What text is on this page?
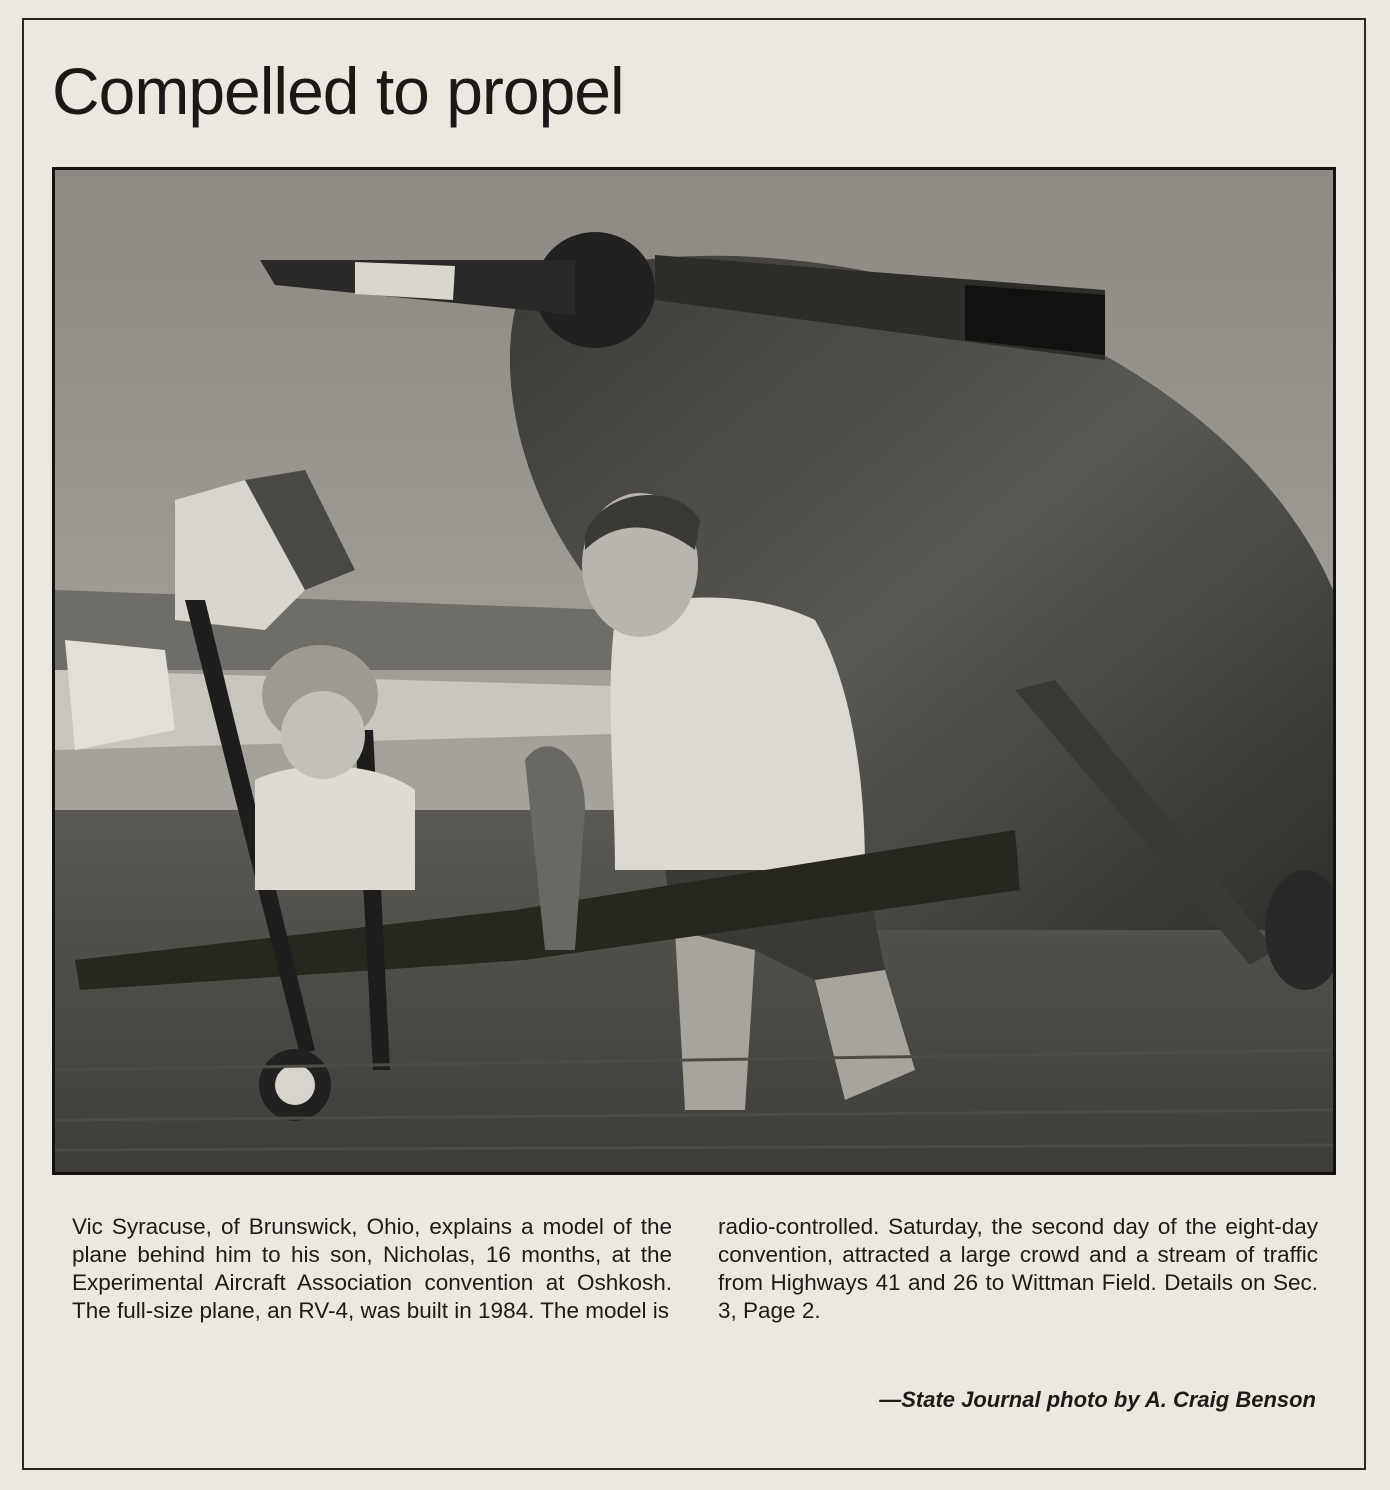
Compelled to propel
Vic Syracuse, of Brunswick, Ohio, explains a model of the plane behind him to his son, Nicholas, 16 months, at the Experimental Aircraft Association convention at Oshkosh. The full-size plane, an RV-4, was built in 1984. The model is
radio-controlled. Saturday, the second day of the eight-day convention, attracted a large crowd and a stream of traffic from Highways 41 and 26 to Wittman Field. Details on Sec. 3, Page 2.
—State Journal photo by A. Craig Benson
